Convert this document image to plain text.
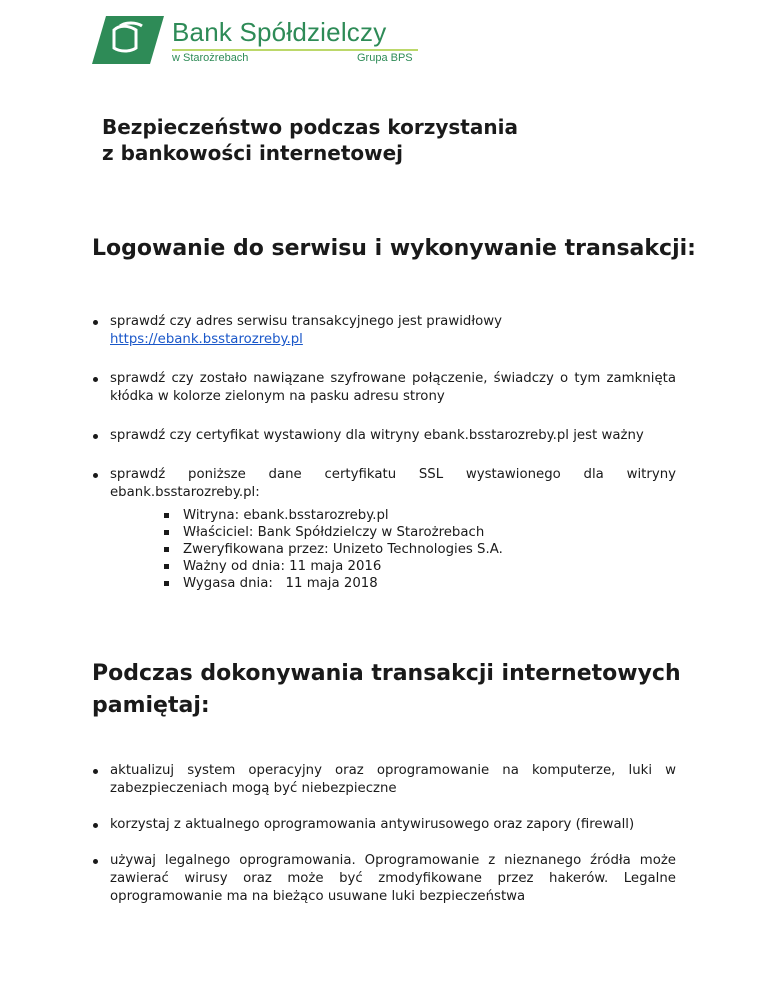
Bank Spółdzielczy
w Starożrebach	Grupa BPS
Bezpieczeństwo podczas korzystania
z bankowości internetowej
Logowanie do serwisu i wykonywanie transakcji:
sprawdź czy adres serwisu transakcyjnego jest prawidłowy
https://ebank.bsstarozreby.pl
sprawdź czy zostało nawiązane szyfrowane połączenie, świadczy o tym zamknięta kłódka w kolorze zielonym na pasku adresu strony
sprawdź czy certyfikat wystawiony dla witryny ebank.bsstarozreby.pl jest ważny
sprawdź poniższe dane certyfikatu SSL wystawionego dla witryny ebank.bsstarozreby.pl:
Witryna: ebank.bsstarozreby.pl
Właściciel: Bank Spółdzielczy w Starożrebach
Zweryfikowana przez: Unizeto Technologies S.A.
Ważny od dnia: 11 maja 2016
Wygasa dnia:   11 maja 2018
Podczas dokonywania transakcji internetowych pamiętaj:
aktualizuj system operacyjny oraz oprogramowanie na komputerze, luki w zabezpieczeniach mogą być niebezpieczne
korzystaj z aktualnego oprogramowania antywirusowego oraz zapory (firewall)
używaj legalnego oprogramowania. Oprogramowanie z nieznanego źródła może zawierać wirusy oraz może być zmodyfikowane przez hakerów. Legalne oprogramowanie ma na bieżąco usuwane luki bezpieczeństwa
